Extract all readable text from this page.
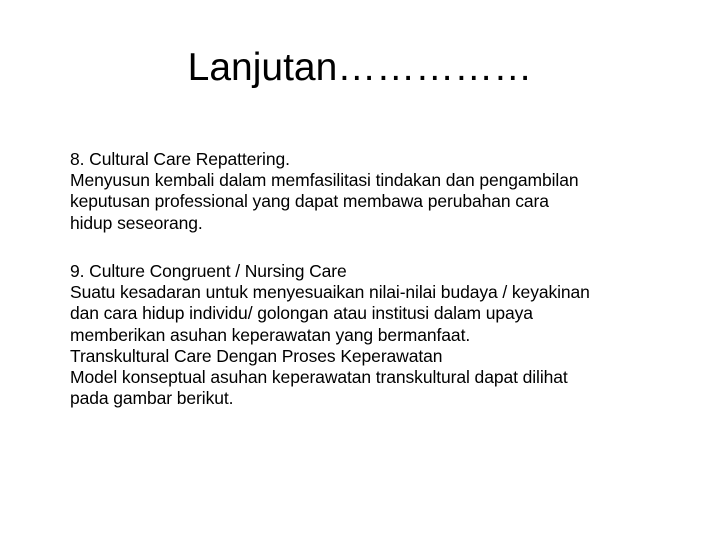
Lanjutan……………
8. Cultural Care Repattering.
Menyusun kembali dalam memfasilitasi tindakan dan pengambilan
keputusan professional yang dapat membawa perubahan cara
hidup seseorang.
9. Culture Congruent / Nursing Care
Suatu kesadaran untuk menyesuaikan nilai-nilai budaya / keyakinan
dan cara hidup individu/ golongan atau institusi dalam upaya
memberikan asuhan keperawatan yang bermanfaat.
Transkultural Care Dengan Proses Keperawatan
Model konseptual asuhan keperawatan transkultural dapat dilihat
pada gambar berikut.
